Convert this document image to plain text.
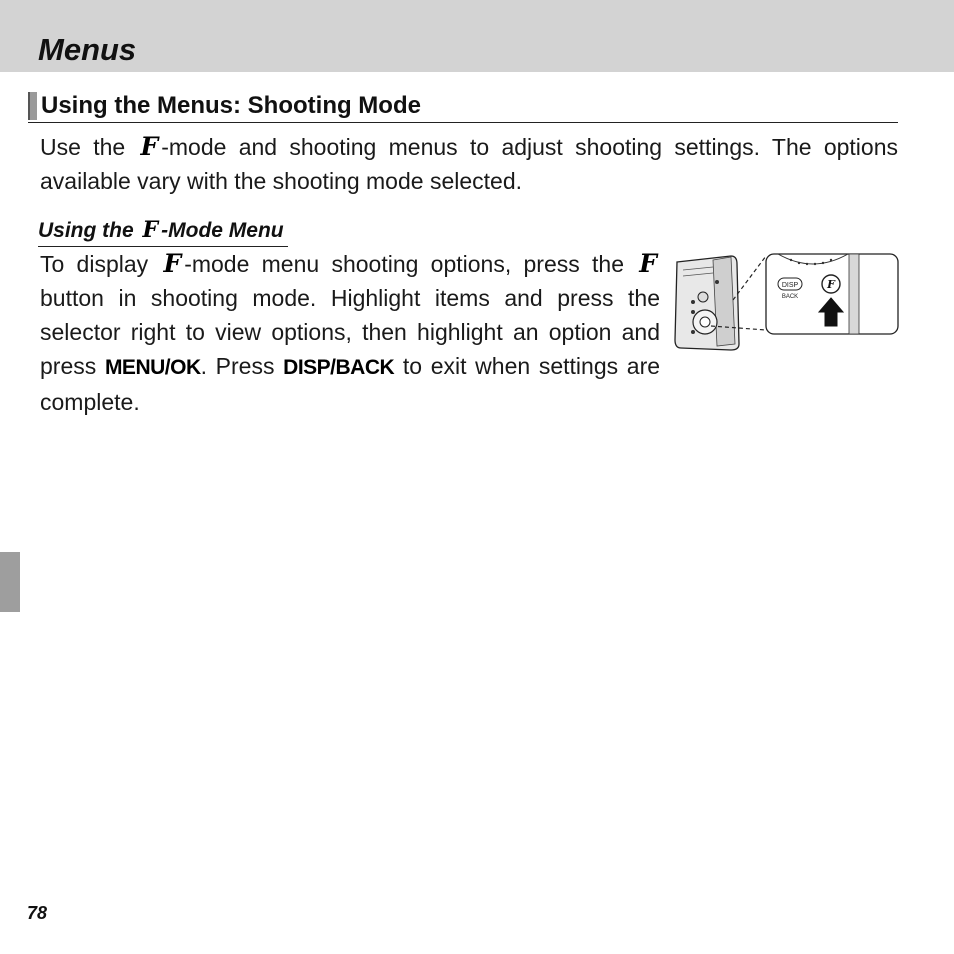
Menus
Using the Menus: Shooting Mode

Use the F -mode and shooting menus to adjust shooting settings. The options available vary with the shooting mode selected.

Using the F -Mode Menu

To display F -mode menu shooting options, press the F button in shooting mode. Highlight items and press the selector right to view options, then highlight an option and press MENU/OK. Press DISP/BACK to exit when settings are complete.

DISP
BACK
F

78
